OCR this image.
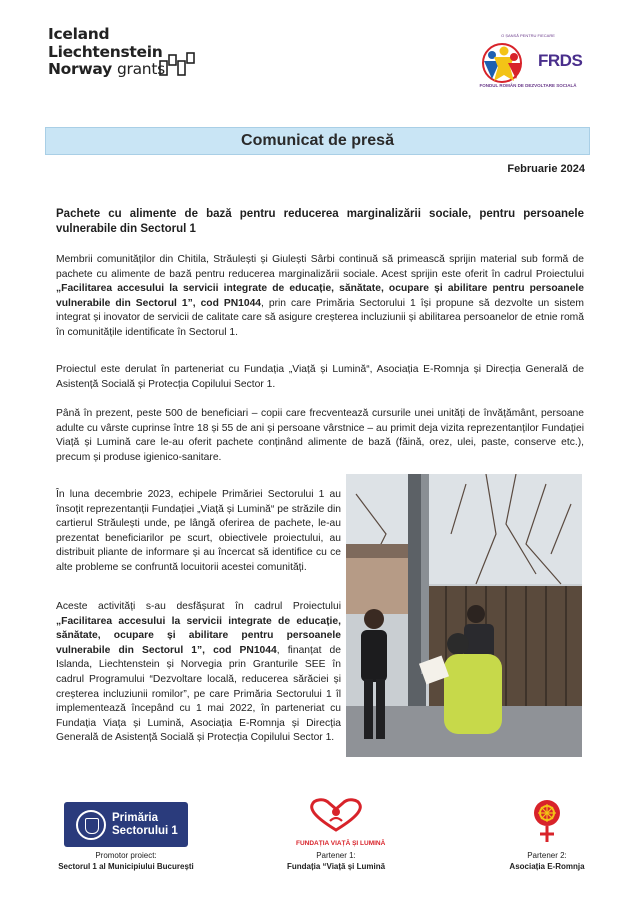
Iceland
Liechtenstein
Norway grants
O ȘANSĂ PENTRU FIECARE
FRDS
FONDUL ROMÂN DE DEZVOLTARE SOCIALĂ
Comunicat de presă
Februarie 2024
Pachete cu alimente de bază pentru reducerea marginalizării sociale, pentru persoanele vulnerabile din Sectorul 1

Membrii comunităților din Chitila, Străulești și Giulești Sârbi continuă să primească sprijin material sub formă de pachete cu alimente de bază pentru reducerea marginalizării sociale. Acest sprijin este oferit în cadrul Proiectului „Facilitarea accesului la servicii integrate de educație, sănătate, ocupare și abilitare pentru persoanele vulnerabile din Sectorul 1”, cod PN1044, prin care Primăria Sectorului 1 își propune să dezvolte un sistem integrat și inovator de servicii de calitate care să asigure creșterea incluziunii și abilitarea persoanelor de etnie romă în comunitățile identificate în Sectorul 1.

Proiectul este derulat în parteneriat cu Fundația „Viață și Lumină“, Asociația E-Romnja și Direcția Generală de Asistență Socială și Protecția Copilului Sector 1.

Până în prezent, peste 500 de beneficiari – copii care frecventează cursurile unei unități de învățământ, persoane adulte cu vârste cuprinse între 18 și 55 de ani și persoane vârstnice – au primit deja vizita reprezentanților Fundației Viață și Lumină care le-au oferit pachete conținând alimente de bază (făină, orez, ulei, paste, conserve etc.), precum și produse igienico-sanitare.

În luna decembrie 2023, echipele Primăriei Sectorului 1 au însoțit reprezentanții Fundației „Viață și Lumină“ pe străzile din cartierul Străulești unde, pe lângă oferirea de pachete, le-au prezentat beneficiarilor pe scurt, obiectivele proiectului, au distribuit pliante de informare și au încercat să identifice cu ce alte probleme se confruntă locuitorii acestei comunități.

Aceste activități s-au desfășurat în cadrul Proiectului „Facilitarea accesului la servicii integrate de educație, sănătate, ocupare și abilitare pentru persoanele vulnerabile din Sectorul 1”, cod PN1044, finanțat de Islanda, Liechtenstein și Norvegia prin Granturile SEE în cadrul Programului “Dezvoltare locală, reducerea sărăciei și creșterea incluziunii romilor”, pe care Primăria Sectorului 1 îl implementează începând cu 1 mai 2022, în parteneriat cu Fundația Viața și Lumină, Asociația E-Romnja și Direcția Generală de Asistență Socială și Protecția Copilului Sector 1.

Primăria
Sectorului 1
Promotor proiect:
Sectorul 1 al Municipiului București
FUNDAȚIA VIAȚĂ ȘI LUMINĂ
Partener 1:
Fundația “Viață și Lumină
Partener 2:
Asociația E-Romnja
